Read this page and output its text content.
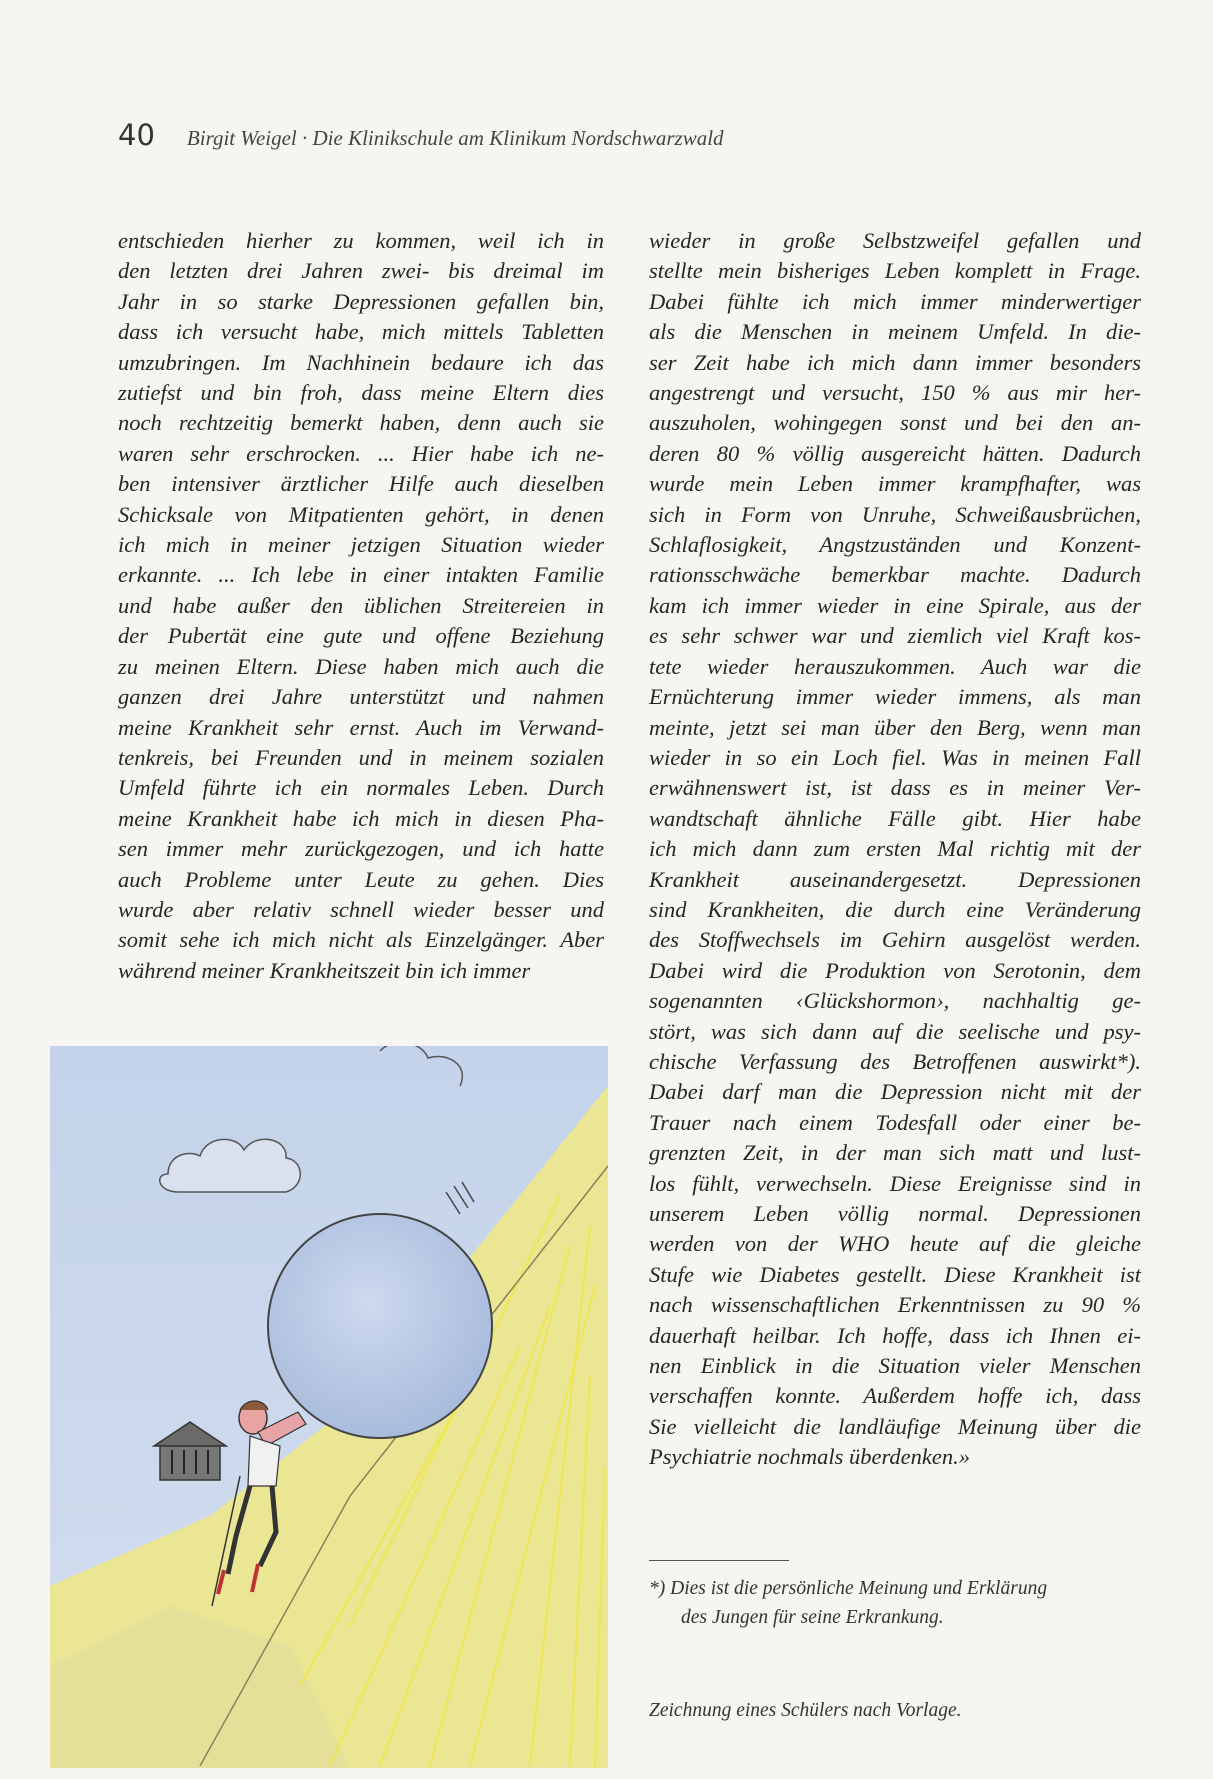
40 Birgit Weigel · Die Klinikschule am Klinikum Nordschwarzwald
entschieden hierher zu kommen, weil ich in
den letzten drei Jahren zwei- bis dreimal im
Jahr in so starke Depressionen gefallen bin,
dass ich versucht habe, mich mittels Tabletten
umzubringen. Im Nachhinein bedaure ich das
zutiefst und bin froh, dass meine Eltern dies
noch rechtzeitig bemerkt haben, denn auch sie
waren sehr erschrocken. ... Hier habe ich ne-
ben intensiver ärztlicher Hilfe auch dieselben
Schicksale von Mitpatienten gehört, in denen
ich mich in meiner jetzigen Situation wieder
erkannte. ... Ich lebe in einer intakten Familie
und habe außer den üblichen Streitereien in
der Pubertät eine gute und offene Beziehung
zu meinen Eltern. Diese haben mich auch die
ganzen drei Jahre unterstützt und nahmen
meine Krankheit sehr ernst. Auch im Verwand-
tenkreis, bei Freunden und in meinem sozialen
Umfeld führte ich ein normales Leben. Durch
meine Krankheit habe ich mich in diesen Pha-
sen immer mehr zurückgezogen, und ich hatte
auch Probleme unter Leute zu gehen. Dies
wurde aber relativ schnell wieder besser und
somit sehe ich mich nicht als Einzelgänger. Aber
während meiner Krankheitszeit bin ich immer
wieder in große Selbstzweifel gefallen und
stellte mein bisheriges Leben komplett in Frage.
Dabei fühlte ich mich immer minderwertiger
als die Menschen in meinem Umfeld. In die-
ser Zeit habe ich mich dann immer besonders
angestrengt und versucht, 150 % aus mir her-
auszuholen, wohingegen sonst und bei den an-
deren 80 % völlig ausgereicht hätten. Dadurch
wurde mein Leben immer krampfhafter, was
sich in Form von Unruhe, Schweißausbrüchen,
Schlaflosigkeit, Angstzuständen und Konzent-
rationsschwäche bemerkbar machte. Dadurch
kam ich immer wieder in eine Spirale, aus der
es sehr schwer war und ziemlich viel Kraft kos-
tete wieder herauszukommen. Auch war die
Ernüchterung immer wieder immens, als man
meinte, jetzt sei man über den Berg, wenn man
wieder in so ein Loch fiel. Was in meinen Fall
erwähnenswert ist, ist dass es in meiner Ver-
wandtschaft ähnliche Fälle gibt. Hier habe
ich mich dann zum ersten Mal richtig mit der
Krankheit auseinandergesetzt. Depressionen
sind Krankheiten, die durch eine Veränderung
des Stoffwechsels im Gehirn ausgelöst werden.
Dabei wird die Produktion von Serotonin, dem
sogenannten ‹Glückshormon›, nachhaltig ge-
stört, was sich dann auf die seelische und psy-
chische Verfassung des Betroffenen auswirkt*).
Dabei darf man die Depression nicht mit der
Trauer nach einem Todesfall oder einer be-
grenzten Zeit, in der man sich matt und lust-
los fühlt, verwechseln. Diese Ereignisse sind in
unserem Leben völlig normal. Depressionen
werden von der WHO heute auf die gleiche
Stufe wie Diabetes gestellt. Diese Krankheit ist
nach wissenschaftlichen Erkenntnissen zu 90 %
dauerhaft heilbar. Ich hoffe, dass ich Ihnen ei-
nen Einblick in die Situation vieler Menschen
verschaffen konnte. Außerdem hoffe ich, dass
Sie vielleicht die landläufige Meinung über die
Psychiatrie nochmals überdenken.»
*) Dies ist die persönliche Meinung und Erklärung
des Jungen für seine Erkrankung.
Zeichnung eines Schülers nach Vorlage.
